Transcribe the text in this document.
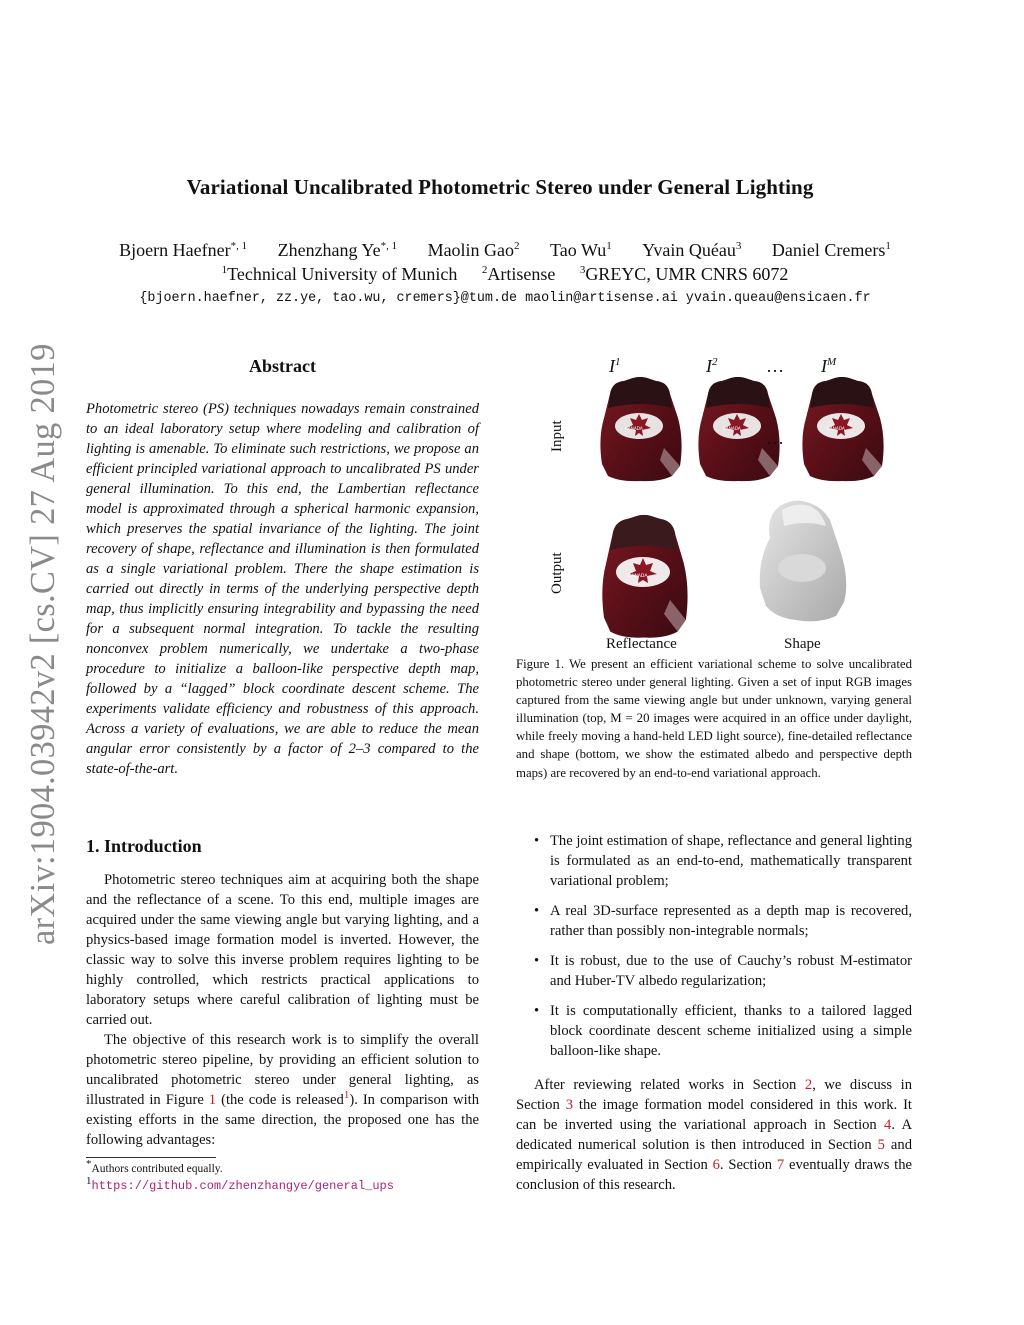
arXiv:1904.03942v2 [cs.CV] 27 Aug 2019
Variational Uncalibrated Photometric Stereo under General Lighting
Bjoern Haefner$^{*, 1}$ Zhenzhang $Ye^{*, 1}$ Maolin Gao$^2$ Tao Wu$^1$ Yvain Quéau$^3$ Daniel Cremers$^1$
$^1$Technical University of Munich $^2$Artisense $^3$GREYC, UMR CNRS 6072
{bjoern.haefner, zz.ye, tao.wu, cremers}@tum.de maolin@artisense.ai yvain.queau@ensicaen.fr
Abstract
Photometric stereo (PS) techniques nowadays remain constrained to an ideal laboratory setup where modeling and calibration of lighting is amenable. To eliminate such restrictions, we propose an efficient principled variational approach to uncalibrated PS under general illumination. To this end, the Lambertian reflectance model is approximated through a spherical harmonic expansion, which preserves the spatial invariance of the lighting. The joint recovery of shape, reflectance and illumination is then formulated as a single variational problem. There the shape estimation is carried out directly in terms of the underlying perspective depth map, thus implicitly ensuring integrability and bypassing the need for a subsequent normal integration. To tackle the resulting nonconvex problem numerically, we undertake a two-phase procedure to initialize a balloon-like perspective depth map, followed by a “lagged” block coordinate descent scheme. The experiments validate efficiency and robustness of this approach. Across a variety of evaluations, we are able to reduce the mean angular error consistently by a factor of 2–3 compared to the state-of-the-art.
1. Introduction
Photometric stereo techniques aim at acquiring both the shape and the reflectance of a scene. To this end, multiple images are acquired under the same viewing angle but varying lighting, and a physics-based image formation model is inverted. However, the classic way to solve this inverse problem requires lighting to be highly controlled, which restricts practical applications to laboratory setups where careful calibration of lighting must be carried out.
The objective of this research work is to simplify the overall photometric stereo pipeline, by providing an efficient solution to uncalibrated photometric stereo under general lighting, as illustrated in Figure 1 (the code is released$^1$). In comparison with existing efforts in the same direction, the proposed one has the following advantages:
*Authors contributed equally.
$^1$https://github.com/zhenzhangye/general_ups
$I^1$	$I^2$	… $I^M$
Input
Output
CANADA	CANADA	CANADA
CANADA
…
Reflectance	Shape
Figure 1. We present an efficient variational scheme to solve uncalibrated photometric stereo under general lighting. Given a set of input RGB images captured from the same viewing angle but under unknown, varying general illumination (top, M = 20 images were acquired in an office under daylight, while freely moving a hand-held LED light source), fine-detailed reflectance and shape (bottom, we show the estimated albedo and perspective depth maps) are recovered by an end-to-end variational approach.
• The joint estimation of shape, reflectance and general lighting is formulated as an end-to-end, mathematically transparent variational problem;
• A real 3D-surface represented as a depth map is recovered, rather than possibly non-integrable normals;
• It is robust, due to the use of Cauchy’s robust M-estimator and Huber-TV albedo regularization;
• It is computationally efficient, thanks to a tailored lagged block coordinate descent scheme initialized using a simple balloon-like shape.
After reviewing related works in Section 2, we discuss in Section 3 the image formation model considered in this work. It can be inverted using the variational approach in Section 4. A dedicated numerical solution is then introduced in Section 5 and empirically evaluated in Section 6. Section 7 eventually draws the conclusion of this research.
